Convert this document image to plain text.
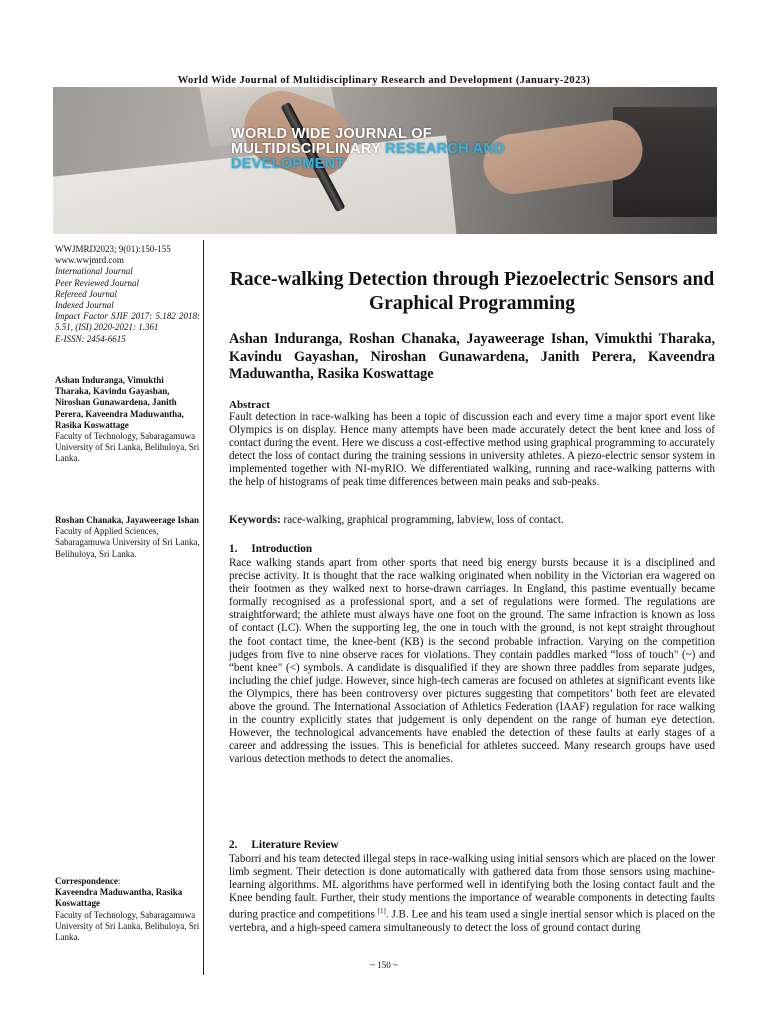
World Wide Journal of Multidisciplinary Research and Development (January-2023)
WORLD WIDE JOURNAL OF
MULTIDISCIPLINARY RESEARCH AND
DEVELOPMENT
WWJMRD2023; 9(01):150-155
www.wwjmrd.com
International Journal
Peer Reviewed Journal
Refereed Journal
Indexed Journal
Impact Factor SJIF 2017: 5.182 2018: 5.51, (ISI) 2020-2021: 1.361
E-ISSN: 2454-6615
Ashan Induranga, Vimukthi Tharaka, Kavindu Gayashan, Niroshan Gunawardena, Janith Perera, Kaveendra Maduwantha, Rasika Koswattage
Faculty of Technology, Sabaragamuwa University of Sri Lanka, Belihuloya, Sri Lanka.
Roshan Chanaka, Jayaweerage Ishan
Faculty of Applied Sciences, Sabaragamuwa University of Sri Lanka, Belihuloya, Sri Lanka.
Correspondence:
Kaveendra Maduwantha, Rasika Koswattage
Faculty of Technology, Sabaragamuwa University of Sri Lanka, Belihuloya, Sri Lanka.
Race-walking Detection through Piezoelectric Sensors and Graphical Programming
Ashan Induranga, Roshan Chanaka, Jayaweerage Ishan, Vimukthi Tharaka, Kavindu Gayashan, Niroshan Gunawardena, Janith Perera, Kaveendra Maduwantha, Rasika Koswattage
Abstract
Fault detection in race-walking has been a topic of discussion each and every time a major sport event like Olympics is on display. Hence many attempts have been made accurately detect the bent knee and loss of contact during the event. Here we discuss a cost-effective method using graphical programming to accurately detect the loss of contact during the training sessions in university athletes. A piezo-electric sensor system in implemented together with NI-myRIO. We differentiated walking, running and race-walking patterns with the help of histograms of peak time differences between main peaks and sub-peaks.
Keywords: race-walking, graphical programming, labview, loss of contact.
1.  Introduction
Race walking stands apart from other sports that need big energy bursts because it is a disciplined and precise activity. It is thought that the race walking originated when nobility in the Victorian era wagered on their footmen as they walked next to horse-drawn carriages. In England, this pastime eventually became formally recognised as a professional sport, and a set of regulations were formed. The regulations are straightforward; the athlete must always have one foot on the ground. The same infraction is known as loss of contact (LC). When the supporting leg, the one in touch with the ground, is not kept straight throughout the foot contact time, the knee-bent (KB) is the second probable infraction. Varying on the competition judges from five to nine observe races for violations. They contain paddles marked “loss of touch" (~) and “bent knee" (<) symbols. A candidate is disqualified if they are shown three paddles from separate judges, including the chief judge. However, since high-tech cameras are focused on athletes at significant events like the Olympics, there has been controversy over pictures suggesting that competitors’ both feet are elevated above the ground. The International Association of Athletics Federation (IAAF) regulation for race walking in the country explicitly states that judgement is only dependent on the range of human eye detection. However, the technological advancements have enabled the detection of these faults at early stages of a career and addressing the issues. This is beneficial for athletes succeed. Many research groups have used various detection methods to detect the anomalies.
2.  Literature Review
Taborri and his team detected illegal steps in race-walking using initial sensors which are placed on the lower limb segment. Their detection is done automatically with gathered data from those sensors using machine-learning algorithms. ML algorithms have performed well in identifying both the losing contact fault and the Knee bending fault. Further, their study mentions the importance of wearable components in detecting faults during practice and competitions [1]. J.B. Lee and his team used a single inertial sensor which is placed on the vertebra, and a high-speed camera simultaneously to detect the loss of ground contact during
~ 150 ~
